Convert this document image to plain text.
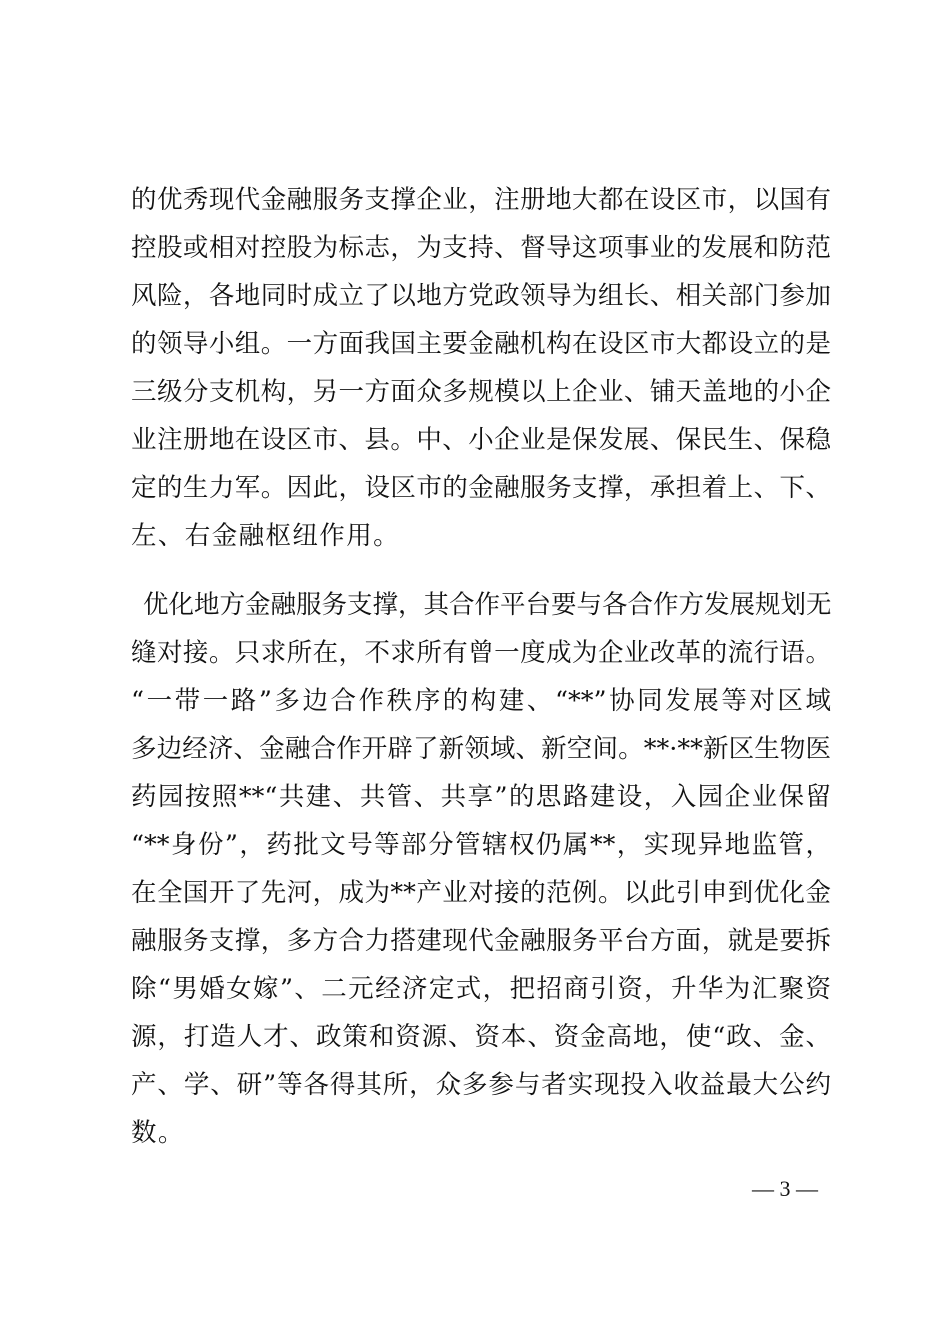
的优秀现代金融服务支撑企业，注册地大都在设区市，以国有
控股或相对控股为标志，为支持、督导这项事业的发展和防范
风险，各地同时成立了以地方党政领导为组长、相关部门参加
的领导小组。一方面我国主要金融机构在设区市大都设立的是
三级分支机构，另一方面众多规模以上企业、铺天盖地的小企
业注册地在设区市、县。中、小企业是保发展、保民生、保稳
定的生力军。因此，设区市的金融服务支撑，承担着上、下、
左、右金融枢纽作用。
优化地方金融服务支撑，其合作平台要与各合作方发展规划无
缝对接。只求所在，不求所有曾一度成为企业改革的流行语。
“一带一路”多边合作秩序的构建、“**”协同发展等对区域
多边经济、金融合作开辟了新领域、新空间。**·**新区生物医
药园按照**“共建、共管、共享”的思路建设，入园企业保留
“**身份”，药批文号等部分管辖权仍属**，实现异地监管，
在全国开了先河，成为**产业对接的范例。以此引申到优化金
融服务支撑，多方合力搭建现代金融服务平台方面，就是要拆
除“男婚女嫁”、二元经济定式，把招商引资，升华为汇聚资
源，打造人才、政策和资源、资本、资金高地，使“政、金、
产、学、研”等各得其所，众多参与者实现投入收益最大公约
数。
— 3 —
